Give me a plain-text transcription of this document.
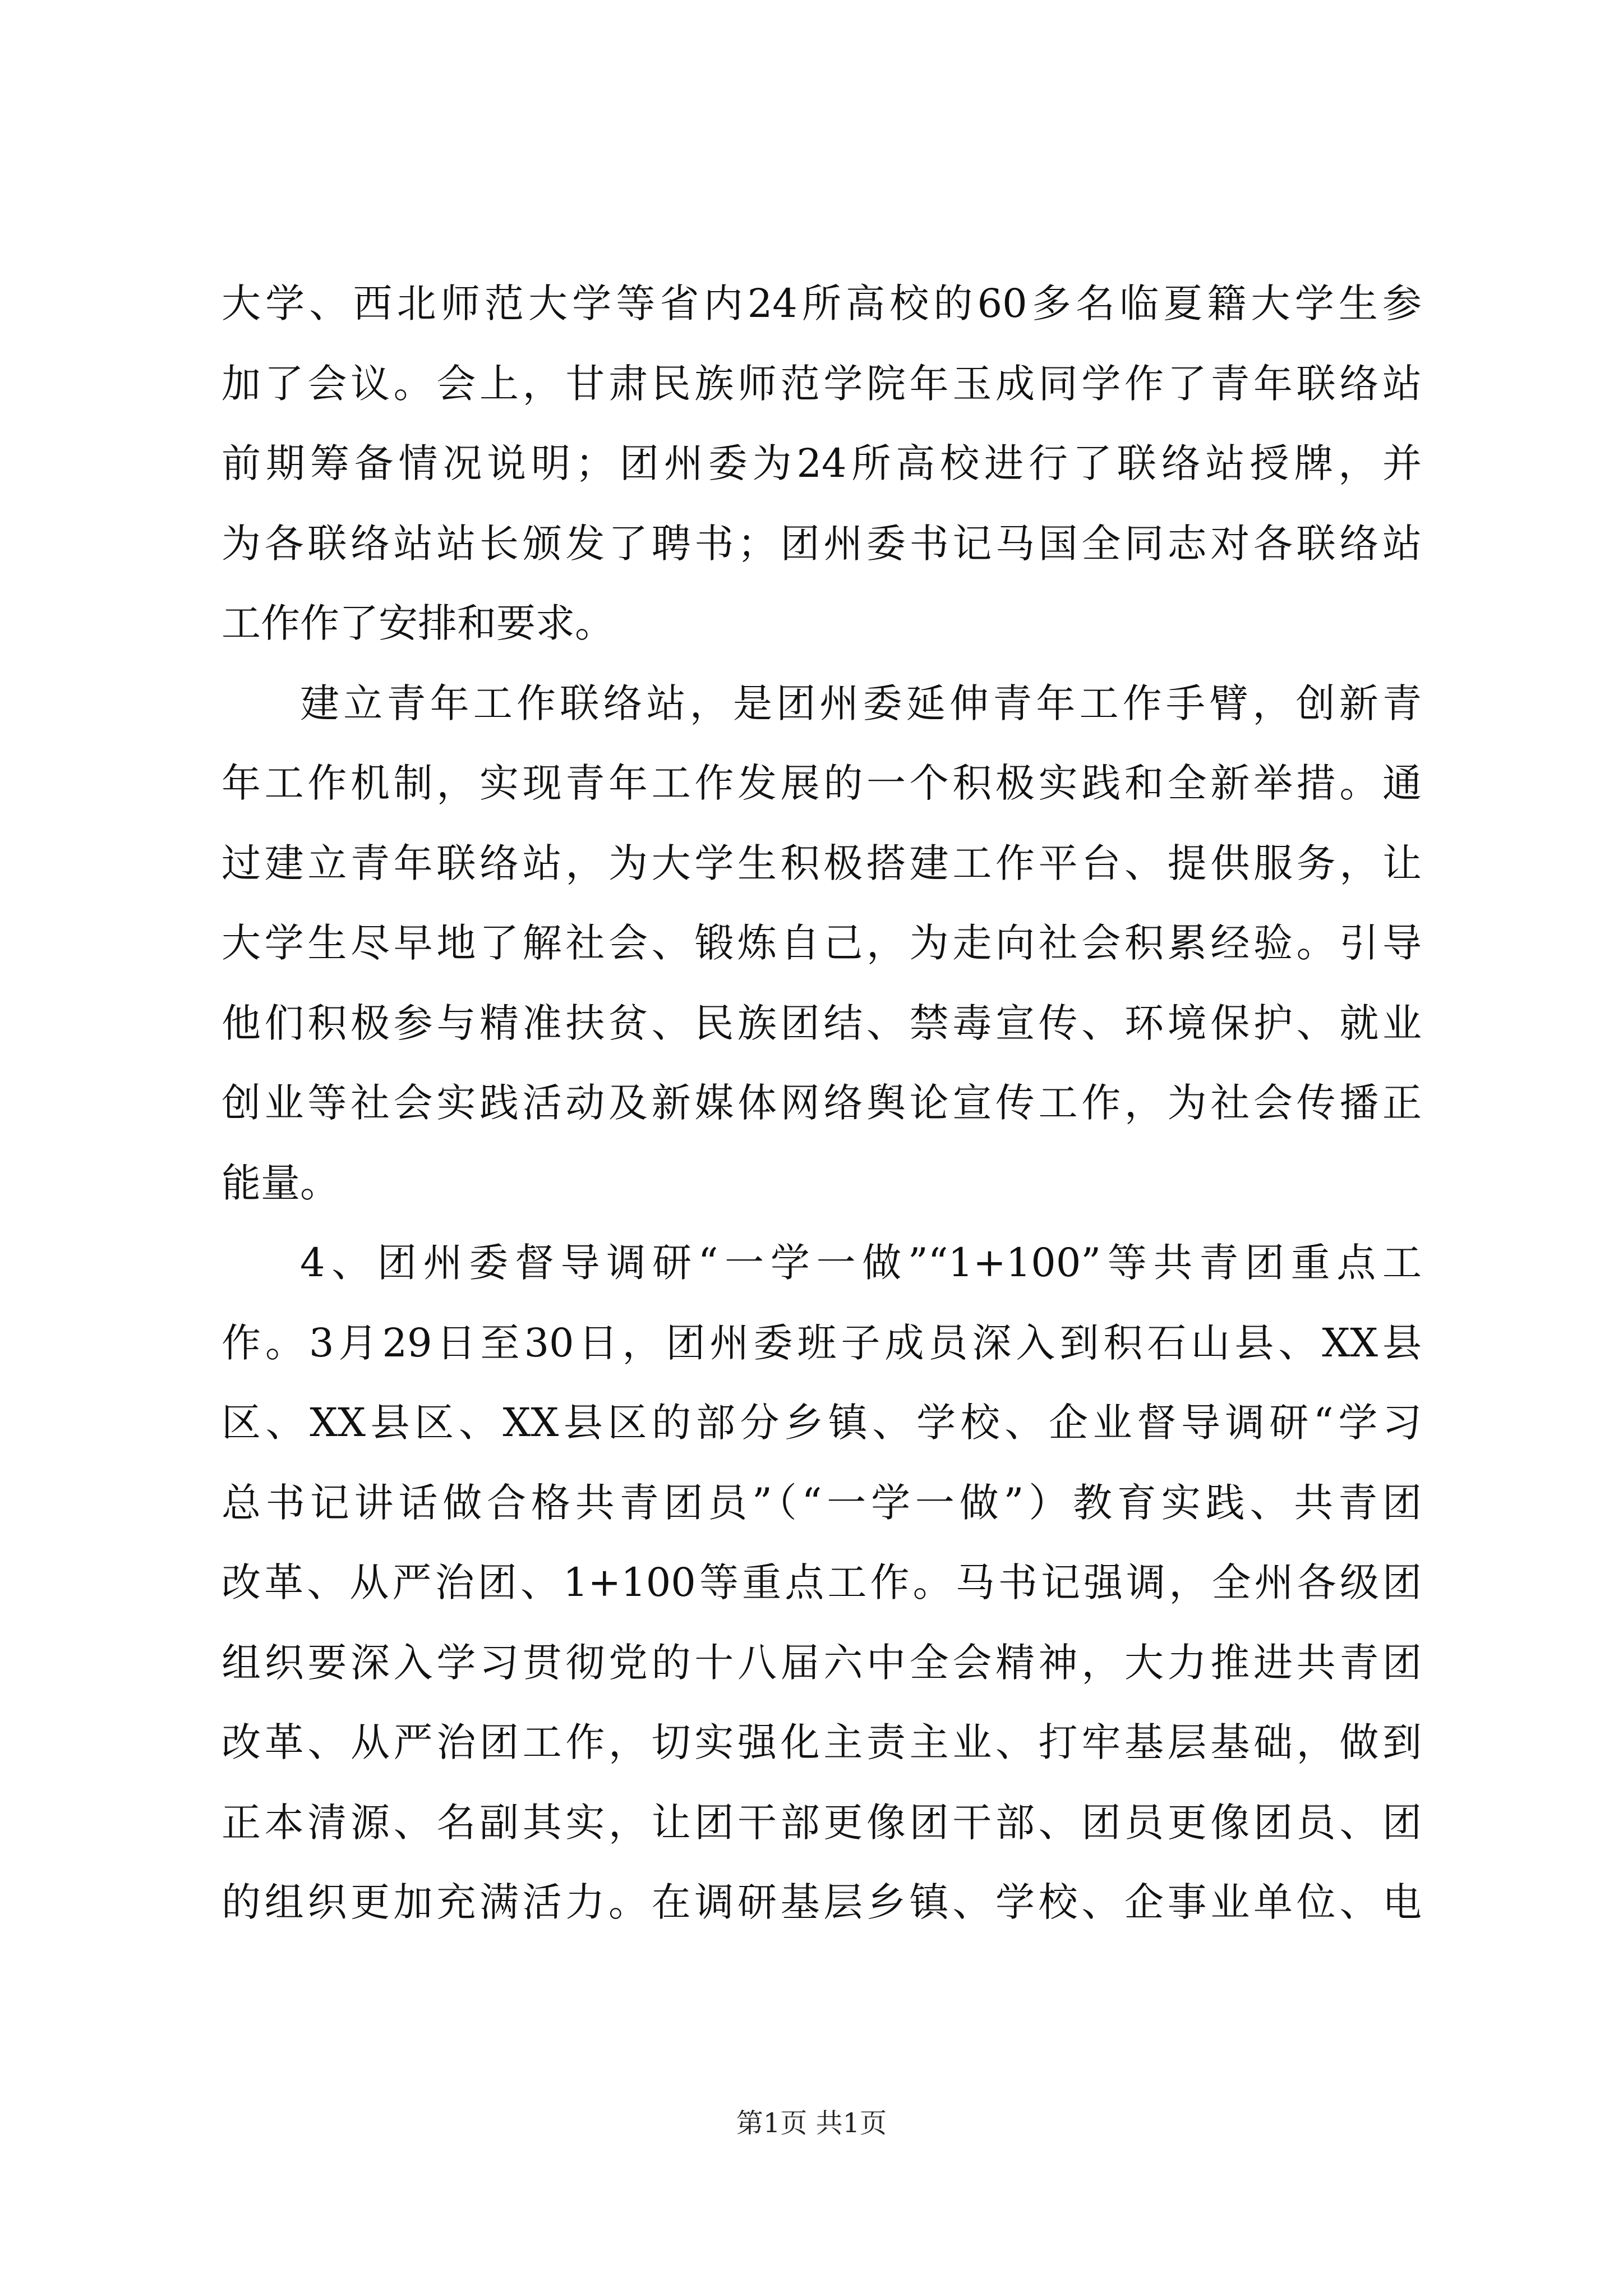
大学、西北师范大学等省内24所高校的60多名临夏籍大学生参
加了会议。会上，甘肃民族师范学院年玉成同学作了青年联络站
前期筹备情况说明；团州委为24所高校进行了联络站授牌，并
为各联络站站长颁发了聘书；团州委书记马国全同志对各联络站
工作作了安排和要求。
建立青年工作联络站，是团州委延伸青年工作手臂，创新青
年工作机制，实现青年工作发展的一个积极实践和全新举措。通
过建立青年联络站，为大学生积极搭建工作平台、提供服务，让
大学生尽早地了解社会、锻炼自己，为走向社会积累经验。引导
他们积极参与精准扶贫、民族团结、禁毒宣传、环境保护、就业
创业等社会实践活动及新媒体网络舆论宣传工作，为社会传播正
能量。
4、团州委督导调研“一学一做”“1+100”等共青团重点工
作。3月29日至30日，团州委班子成员深入到积石山县、XX县
区、XX县区、XX县区的部分乡镇、学校、企业督导调研“学习
总书记讲话做合格共青团员”（“一学一做”）教育实践、共青团
改革、从严治团、1+100等重点工作。马书记强调，全州各级团
组织要深入学习贯彻党的十八届六中全会精神，大力推进共青团
改革、从严治团工作，切实强化主责主业、打牢基层基础，做到
正本清源、名副其实，让团干部更像团干部、团员更像团员、团
的组织更加充满活力。在调研基层乡镇、学校、企事业单位、电
第1页 共1页
